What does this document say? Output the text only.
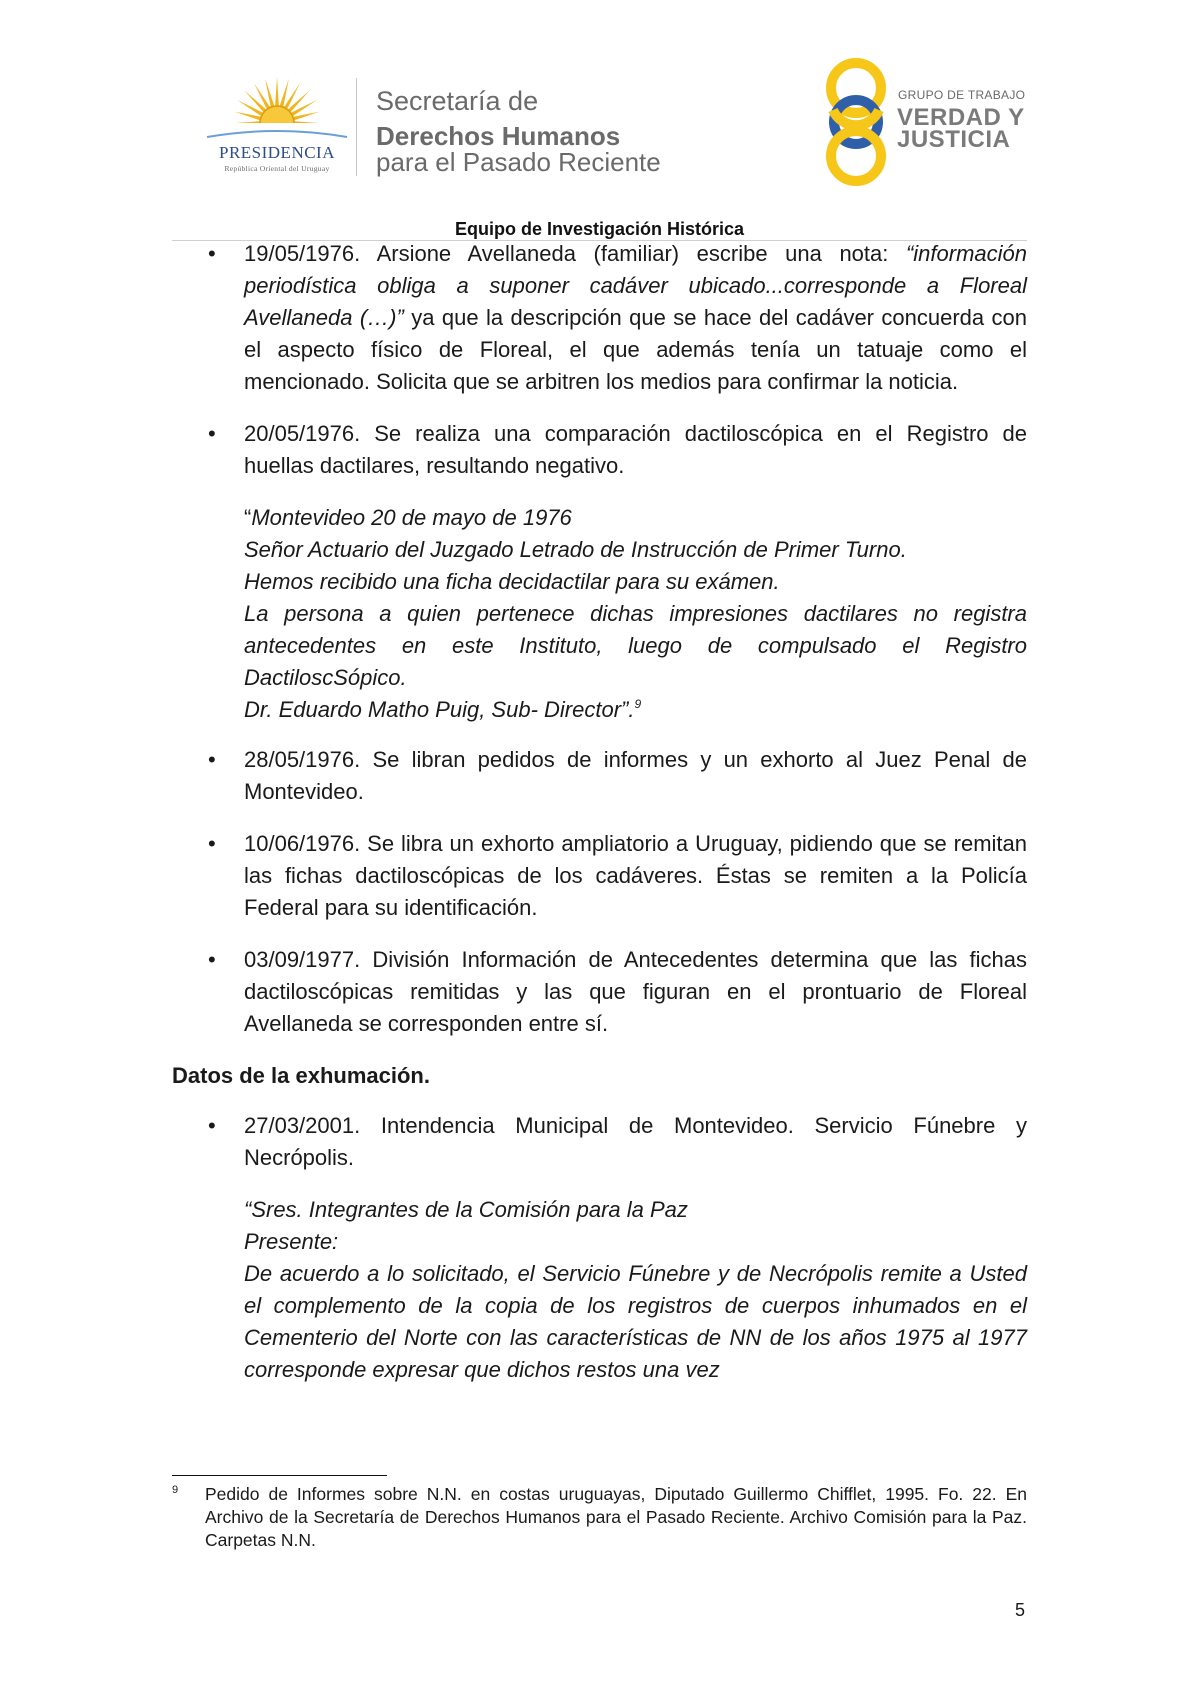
PRESIDENCIA
República Oriental del Uruguay
Secretaría de
Derechos Humanos
para el Pasado Reciente
GRUPO DE TRABAJO
VERDAD Y
JUSTICIA
Equipo de Investigación Histórica
• 19/05/1976. Arsione Avellaneda (familiar) escribe una nota: “información periodística obliga a suponer cadáver ubicado...corresponde a Floreal Avellaneda (…)” ya que la descripción que se hace del cadáver concuerda con el aspecto físico de Floreal, el que además tenía un tatuaje como el mencionado. Solicita que se arbitren los medios para confirmar la noticia.
• 20/05/1976. Se realiza una comparación dactiloscópica en el Registro de huellas dactilares, resultando negativo.
“Montevideo 20 de mayo de 1976
Señor Actuario del Juzgado Letrado de Instrucción de Primer Turno.
Hemos recibido una ficha decidactilar para su exámen.
La persona a quien pertenece dichas impresiones dactilares no registra antecedentes en este Instituto, luego de compulsado el Registro DactiloscSópico.
Dr. Eduardo Matho Puig, Sub- Director”.$^9$
• 28/05/1976. Se libran pedidos de informes y un exhorto al Juez Penal de Montevideo.
• 10/06/1976. Se libra un exhorto ampliatorio a Uruguay, pidiendo que se remitan las fichas dactiloscópicas de los cadáveres. Éstas se remiten a la Policía Federal para su identificación.
• 03/09/1977. División Información de Antecedentes determina que las fichas dactiloscópicas remitidas y las que figuran en el prontuario de Floreal Avellaneda se corresponden entre sí.
Datos de la exhumación.
• 27/03/2001. Intendencia Municipal de Montevideo. Servicio Fúnebre y Necrópolis.
“Sres. Integrantes de la Comisión para la Paz
Presente:
De acuerdo a lo solicitado, el Servicio Fúnebre y de Necrópolis remite a Usted el complemento de la copia de los registros de cuerpos inhumados en el Cementerio del Norte con las características de NN de los años 1975 al 1977 corresponde expresar que dichos restos una vez
9	Pedido de Informes sobre N.N. en costas uruguayas, Diputado Guillermo Chifflet, 1995. Fo. 22. En Archivo de la Secretaría de Derechos Humanos para el Pasado Reciente. Archivo Comisión para la Paz. Carpetas N.N.
5
